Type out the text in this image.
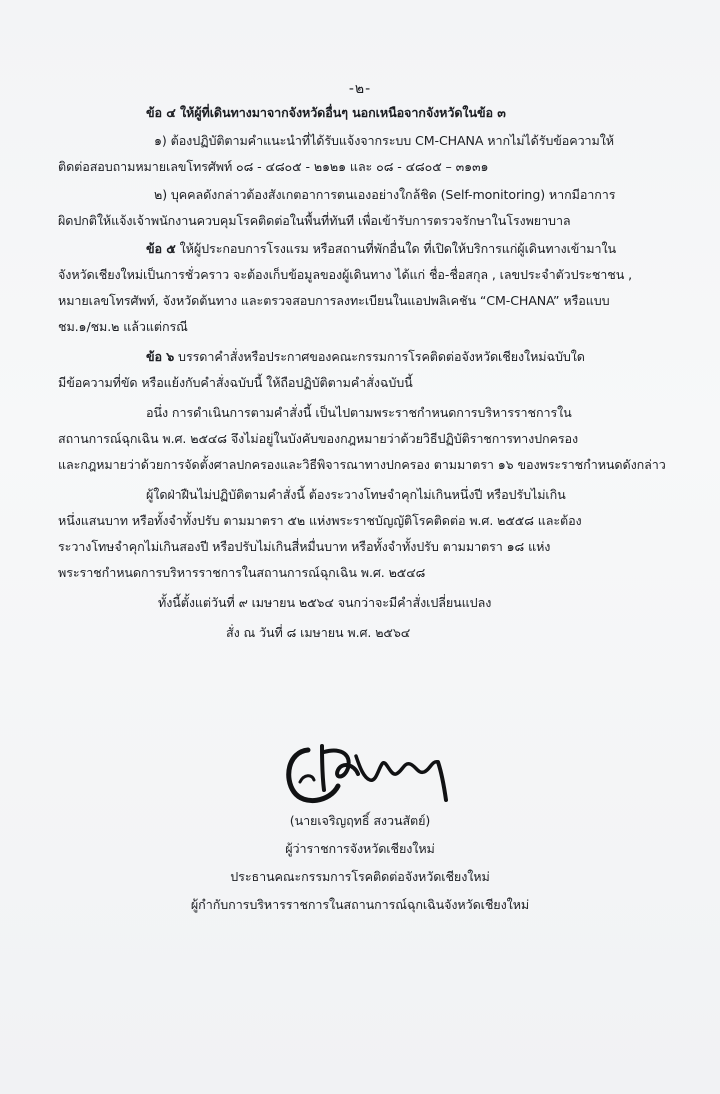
-๒-
ข้อ ๔ ให้ผู้ที่เดินทางมาจากจังหวัดอื่นๆ นอกเหนือจากจังหวัดในข้อ ๓
๑) ต้องปฏิบัติตามคำแนะนำที่ได้รับแจ้งจากระบบ CM-CHANA หากไม่ได้รับข้อความให้
ติดต่อสอบถามหมายเลขโทรศัพท์ ๐๘ - ๔๘๐๕ - ๒๑๒๑ และ ๐๘ - ๔๘๐๕ – ๓๑๓๑
๒) บุคคลดังกล่าวต้องสังเกตอาการตนเองอย่างใกล้ชิด (Self-monitoring) หากมีอาการ
ผิดปกติให้แจ้งเจ้าพนักงานควบคุมโรคติดต่อในพื้นที่ทันที เพื่อเข้ารับการตรวจรักษาในโรงพยาบาล
ข้อ ๕ ให้ผู้ประกอบการโรงแรม หรือสถานที่พักอื่นใด ที่เปิดให้บริการแก่ผู้เดินทางเข้ามาใน
จังหวัดเชียงใหม่เป็นการชั่วคราว จะต้องเก็บข้อมูลของผู้เดินทาง ได้แก่ ชื่อ-ชื่อสกุล , เลขประจำตัวประชาชน ,
หมายเลขโทรศัพท์, จังหวัดต้นทาง และตรวจสอบการลงทะเบียนในแอปพลิเคชัน “CM-CHANA” หรือแบบ
ชม.๑/ชม.๒ แล้วแต่กรณี
ข้อ ๖ บรรดาคำสั่งหรือประกาศของคณะกรรมการโรคติดต่อจังหวัดเชียงใหม่ฉบับใด
มีข้อความที่ขัด หรือแย้งกับคำสั่งฉบับนี้ ให้ถือปฏิบัติตามคำสั่งฉบับนี้
อนึ่ง การดำเนินการตามคำสั่งนี้ เป็นไปตามพระราชกำหนดการบริหารราชการใน
สถานการณ์ฉุกเฉิน พ.ศ. ๒๕๔๘ จึงไม่อยู่ในบังคับของกฎหมายว่าด้วยวิธีปฏิบัติราชการทางปกครอง
และกฎหมายว่าด้วยการจัดตั้งศาลปกครองและวิธีพิจารณาทางปกครอง ตามมาตรา ๑๖ ของพระราชกำหนดดังกล่าว
ผู้ใดฝ่าฝืนไม่ปฏิบัติตามคำสั่งนี้ ต้องระวางโทษจำคุกไม่เกินหนึ่งปี หรือปรับไม่เกิน
หนึ่งแสนบาท หรือทั้งจำทั้งปรับ ตามมาตรา ๕๒ แห่งพระราชบัญญัติโรคติดต่อ พ.ศ. ๒๕๕๘ และต้อง
ระวางโทษจำคุกไม่เกินสองปี หรือปรับไม่เกินสี่หมื่นบาท หรือทั้งจำทั้งปรับ ตามมาตรา ๑๘ แห่ง
พระราชกำหนดการบริหารราชการในสถานการณ์ฉุกเฉิน พ.ศ. ๒๕๔๘
ทั้งนี้ตั้งแต่วันที่ ๙ เมษายน ๒๕๖๔ จนกว่าจะมีคำสั่งเปลี่ยนแปลง
สั่ง ณ วันที่ ๘ เมษายน พ.ศ. ๒๕๖๔
(นายเจริญฤทธิ์ สงวนสัตย์)
ผู้ว่าราชการจังหวัดเชียงใหม่
ประธานคณะกรรมการโรคติดต่อจังหวัดเชียงใหม่
ผู้กำกับการบริหารราชการในสถานการณ์ฉุกเฉินจังหวัดเชียงใหม่
